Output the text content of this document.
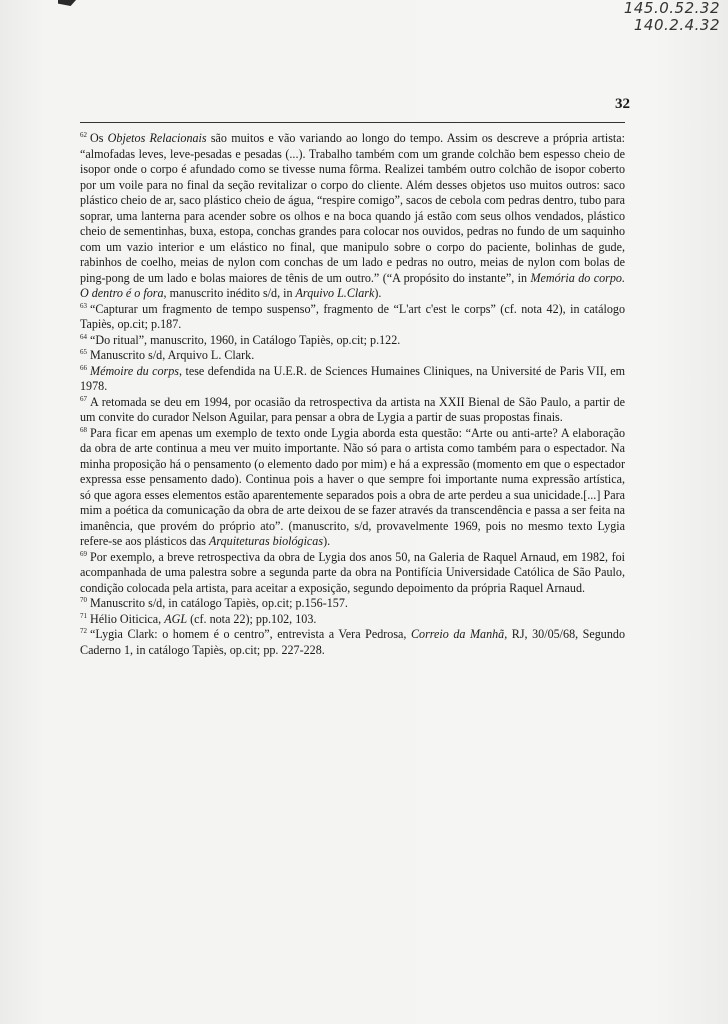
145.0.52.32
140.2.4.32
32

$^{62}$ Os Objetos Relacionais são muitos e vão variando ao longo do tempo. Assim os descreve a própria artista: “almofadas leves, leve-pesadas e pesadas (...). Trabalho também com um grande colchão bem espesso cheio de isopor onde o corpo é afundado como se tivesse numa fôrma. Realizei também outro colchão de isopor coberto por um voile para no final da seção revitalizar o corpo do cliente. Além desses objetos uso muitos outros: saco plástico cheio de ar, saco plástico cheio de água, “respire comigo”, sacos de cebola com pedras dentro, tubo para soprar, uma lanterna para acender sobre os olhos e na boca quando já estão com seus olhos vendados, plástico cheio de sementinhas, buxa, estopa, conchas grandes para colocar nos ouvidos, pedras no fundo de um saquinho com um vazio interior e um elástico no final, que manipulo sobre o corpo do paciente, bolinhas de gude, rabinhos de coelho, meias de nylon com conchas de um lado e pedras no outro, meias de nylon com bolas de ping-pong de um lado e bolas maiores de tênis de um outro.” (“A propósito do instante”, in Memória do corpo. O dentro é o fora, manuscrito inédito s/d, in Arquivo L.Clark).

$^{63}$ “Capturar um fragmento de tempo suspenso”, fragmento de “L'art c'est le corps” (cf. nota 42), in catálogo Tapiès, op.cit; p.187.

$^{64}$ “Do ritual”, manuscrito, 1960, in Catálogo Tapiès, op.cit; p.122.

$^{65}$ Manuscrito s/d, Arquivo L. Clark.

$^{66}$ Mémoire du corps, tese defendida na U.E.R. de Sciences Humaines Cliniques, na Université de Paris VII, em 1978.

$^{67}$ A retomada se deu em 1994, por ocasião da retrospectiva da artista na XXII Bienal de São Paulo, a partir de um convite do curador Nelson Aguilar, para pensar a obra de Lygia a partir de suas propostas finais.

$^{68}$ Para ficar em apenas um exemplo de texto onde Lygia aborda esta questão: “Arte ou anti-arte? A elaboração da obra de arte continua a meu ver muito importante. Não só para o artista como também para o espectador. Na minha proposição há o pensamento (o elemento dado por mim) e há a expressão (momento em que o espectador expressa esse pensamento dado). Continua pois a haver o que sempre foi importante numa expressão artística, só que agora esses elementos estão aparentemente separados pois a obra de arte perdeu a sua unicidade.[...] Para mim a poética da comunicação da obra de arte deixou de se fazer através da transcendência e passa a ser feita na imanência, que provém do próprio ato”. (manuscrito, s/d, provavelmente 1969, pois no mesmo texto Lygia refere-se aos plásticos das Arquiteturas biológicas).

$^{69}$ Por exemplo, a breve retrospectiva da obra de Lygia dos anos 50, na Galeria de Raquel Arnaud, em 1982, foi acompanhada de uma palestra sobre a segunda parte da obra na Pontifícia Universidade Católica de São Paulo, condição colocada pela artista, para aceitar a exposição, segundo depoimento da própria Raquel Arnaud.

$^{70}$ Manuscrito s/d, in catálogo Tapiès, op.cit; p.156-157.

$^{71}$ Hélio Oiticica, AGL (cf. nota 22); pp.102, 103.

$^{72}$ “Lygia Clark: o homem é o centro”, entrevista a Vera Pedrosa, Correio da Manhã, RJ, 30/05/68, Segundo Caderno 1, in catálogo Tapiès, op.cit; pp. 227-228.
